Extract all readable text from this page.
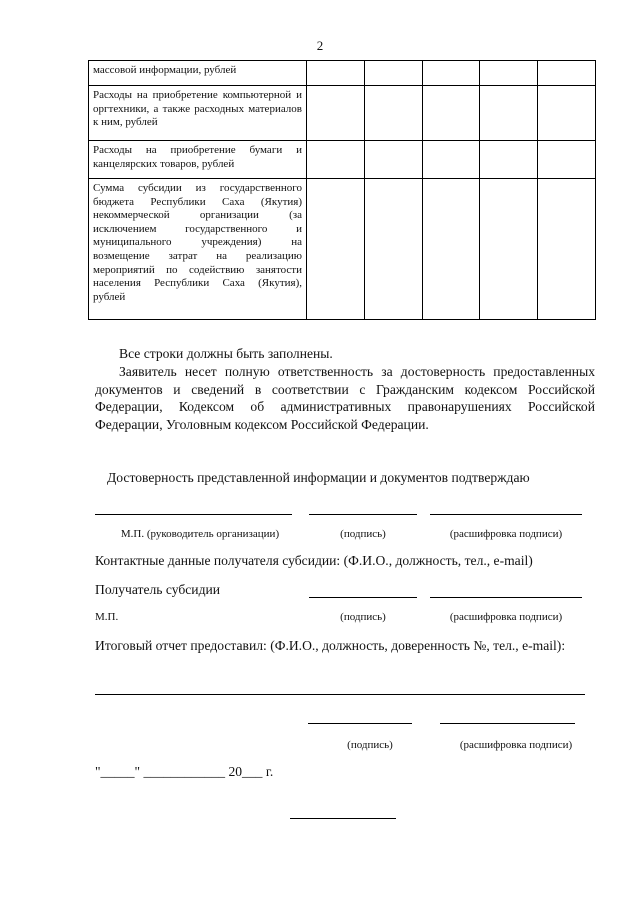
2
массовой информации, рублей					
Расходы на приобретение компьютерной и оргтехники, а также расходных материалов к ним, рублей					
Расходы на приобретение бумаги и канцелярских товаров, рублей					
Сумма субсидии из государственного бюджета Республики Саха (Якутия) некоммерческой организации (за исключением государственного и муниципального учреждения) на возмещение затрат на реализацию мероприятий по содействию занятости населения Республики Саха (Якутия), рублей					
Все строки должны быть заполнены.
Заявитель несет полную ответственность за достоверность предоставленных документов и сведений в соответствии с Гражданским кодексом Российской Федерации, Кодексом об административных правонарушениях Российской Федерации, Уголовным кодексом Российской Федерации.
Достоверность представленной информации и документов подтверждаю
М.П. (руководитель организации)	(подпись)	(расшифровка подписи)
Контактные данные получателя субсидии: (Ф.И.О., должность, тел., e-mail)
Получатель субсидии
М.П.	(подпись)	(расшифровка подписи)
Итоговый отчет предоставил: (Ф.И.О., должность, доверенность №, тел., e-mail):
(подпись)	(расшифровка подписи)
"_____" ____________ 20___ г.
